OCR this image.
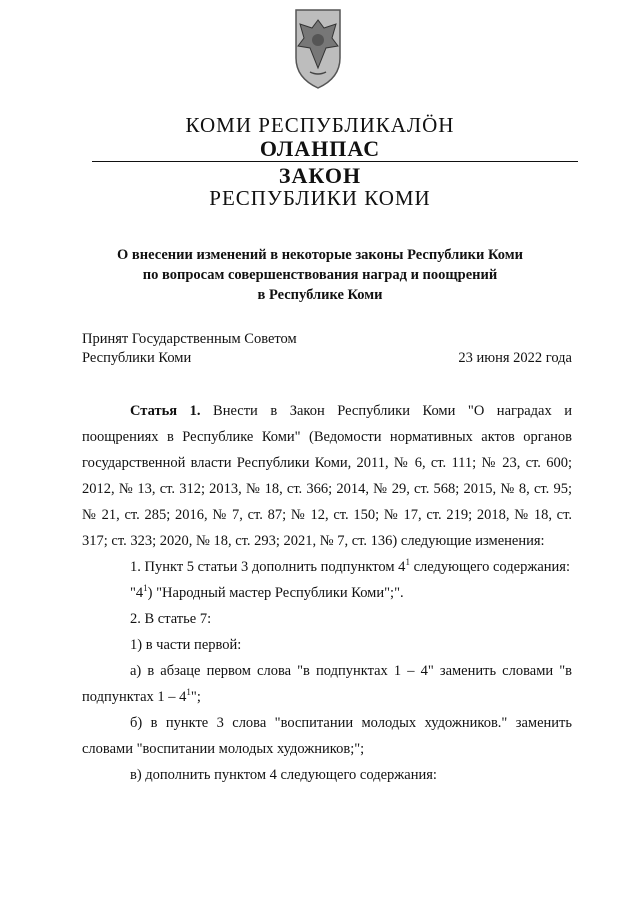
КОМИ РЕСПУБЛИКАЛÖН
ОЛАНПАС
ЗАКОН
РЕСПУБЛИКИ КОМИ
О внесении изменений в некоторые законы Республики Коми
по вопросам совершенствования наград и поощрений
в Республике Коми
Принят Государственным Советом
Республики Коми	23 июня 2022 года

Статья 1. Внести в Закон Республики Коми "О наградах и поощрениях в Республике Коми" (Ведомости нормативных актов органов государственной власти Республики Коми, 2011, № 6, ст. 111; № 23, ст. 600; 2012, № 13, ст. 312; 2013, № 18, ст. 366; 2014, № 29, ст. 568; 2015, № 8, ст. 95; № 21, ст. 285; 2016, № 7, ст. 87; № 12, ст. 150; № 17, ст. 219; 2018, № 18, ст. 317; ст. 323; 2020, № 18, ст. 293; 2021, № 7, ст. 136) следующие изменения:

1. Пункт 5 статьи 3 дополнить подпунктом $4^1$ следующего содержания:

"$4^1$) "Народный мастер Республики Коми";".

2. В статье 7:

1) в части первой:

а) в абзаце первом слова "в подпунктах 1 – 4" заменить словами "в подпунктах $1 - 4^1$";

б) в пункте 3 слова "воспитании молодых художников." заменить словами "воспитании молодых художников;";

в) дополнить пунктом 4 следующего содержания:
